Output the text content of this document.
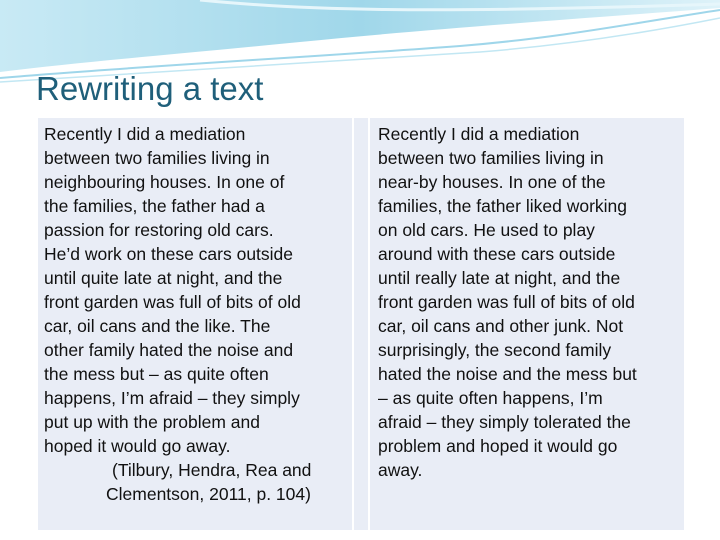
Rewriting a text
Recently I did a mediation
between two families living in
neighbouring houses. In one of
the families, the father had a
passion for restoring old cars.
He’d work on these cars outside
until quite late at night, and the
front garden was full of bits of old
car, oil cans and the like. The
other family hated the noise and
the mess but – as quite often
happens, I’m afraid – they simply
put up with the problem and
hoped it would go away.
(Tilbury, Hendra, Rea and
Clementson, 2011, p. 104)
Recently I did a mediation
between two families living in
near-by houses. In one of the
families, the father liked working
on old cars. He used to play
around with these cars outside
until really late at night, and the
front garden was full of bits of old
car, oil cans and other junk. Not
surprisingly, the second family
hated the noise and the mess but
– as quite often happens, I’m
afraid – they simply tolerated the
problem and hoped it would go
away.
